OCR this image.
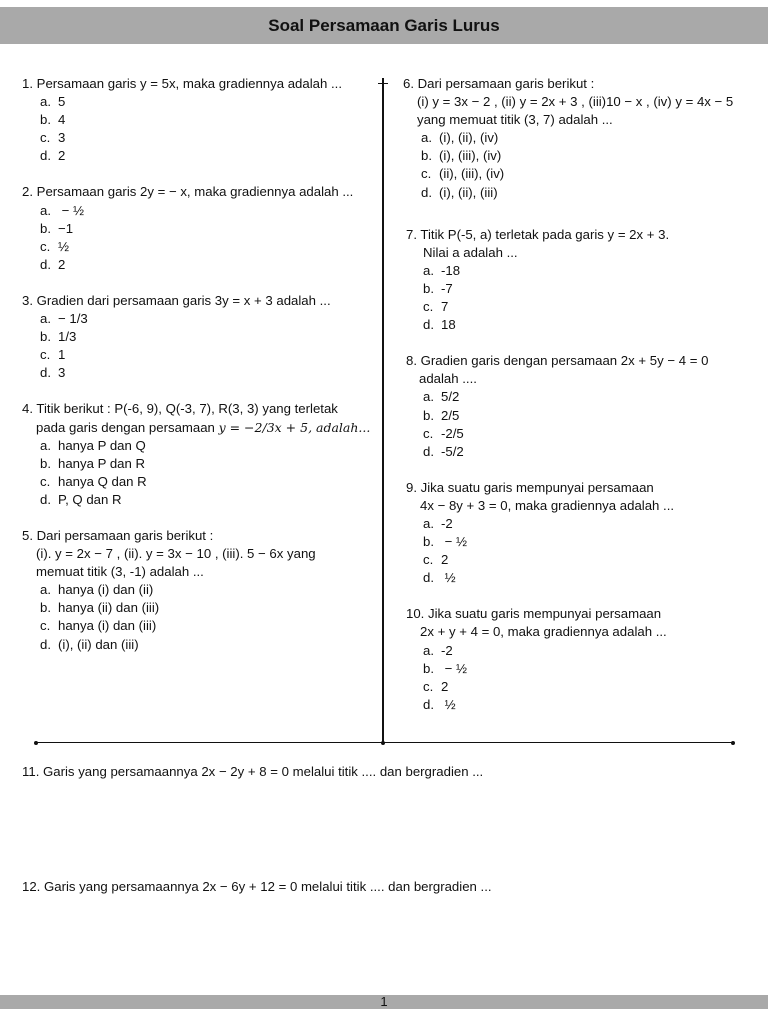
Soal Persamaan Garis Lurus
1. Persamaan garis y = 5x, maka gradiennya adalah ...
a. 5
b. 4
c. 3
d. 2
2. Persamaan garis 2y = − x, maka gradiennya adalah ...
a. − ½
b. −1
c. ½
d. 2
3. Gradien dari persamaan garis 3y = x + 3 adalah ...
a. − 1/3
b. 1/3
c. 1
d. 3
4. Titik berikut : P(-6, 9), Q(-3, 7), R(3, 3) yang terletak
pada garis dengan persamaan y = −2/3x + 5, adalah...
a. hanya P dan Q
b. hanya P dan R
c. hanya Q dan R
d. P, Q dan R
5. Dari persamaan garis berikut :
(i). y = 2x − 7 , (ii). y = 3x − 10 , (iii). 5 − 6x yang
memuat titik (3, -1) adalah ...
a. hanya (i) dan (ii)
b. hanya (ii) dan (iii)
c. hanya (i) dan (iii)
d. (i), (ii) dan (iii)
6. Dari persamaan garis berikut :
(i) y = 3x − 2 , (ii) y = 2x + 3 , (iii)10 − x , (iv) y = 4x − 5
yang memuat titik (3, 7) adalah ...
a. (i), (ii), (iv)
b. (i), (iii), (iv)
c. (ii), (iii), (iv)
d. (i), (ii), (iii)
7. Titik P(-5, a) terletak pada garis y = 2x + 3.
Nilai a adalah ...
a. -18
b. -7
c. 7
d. 18
8. Gradien garis dengan persamaan 2x + 5y − 4 = 0
adalah ....
a. 5/2
b. 2/5
c. -2/5
d. -5/2
9. Jika suatu garis mempunyai persamaan
4x − 8y + 3 = 0, maka gradiennya adalah ...
a. -2
b. − ½
c. 2
d. ½
10. Jika suatu garis mempunyai persamaan
2x + y + 4 = 0, maka gradiennya adalah ...
a. -2
b. − ½
c. 2
d. ½
11. Garis yang persamaannya 2x − 2y + 8 = 0 melalui titik .... dan bergradien ...
12. Garis yang persamaannya 2x − 6y + 12 = 0 melalui titik .... dan bergradien ...
1
